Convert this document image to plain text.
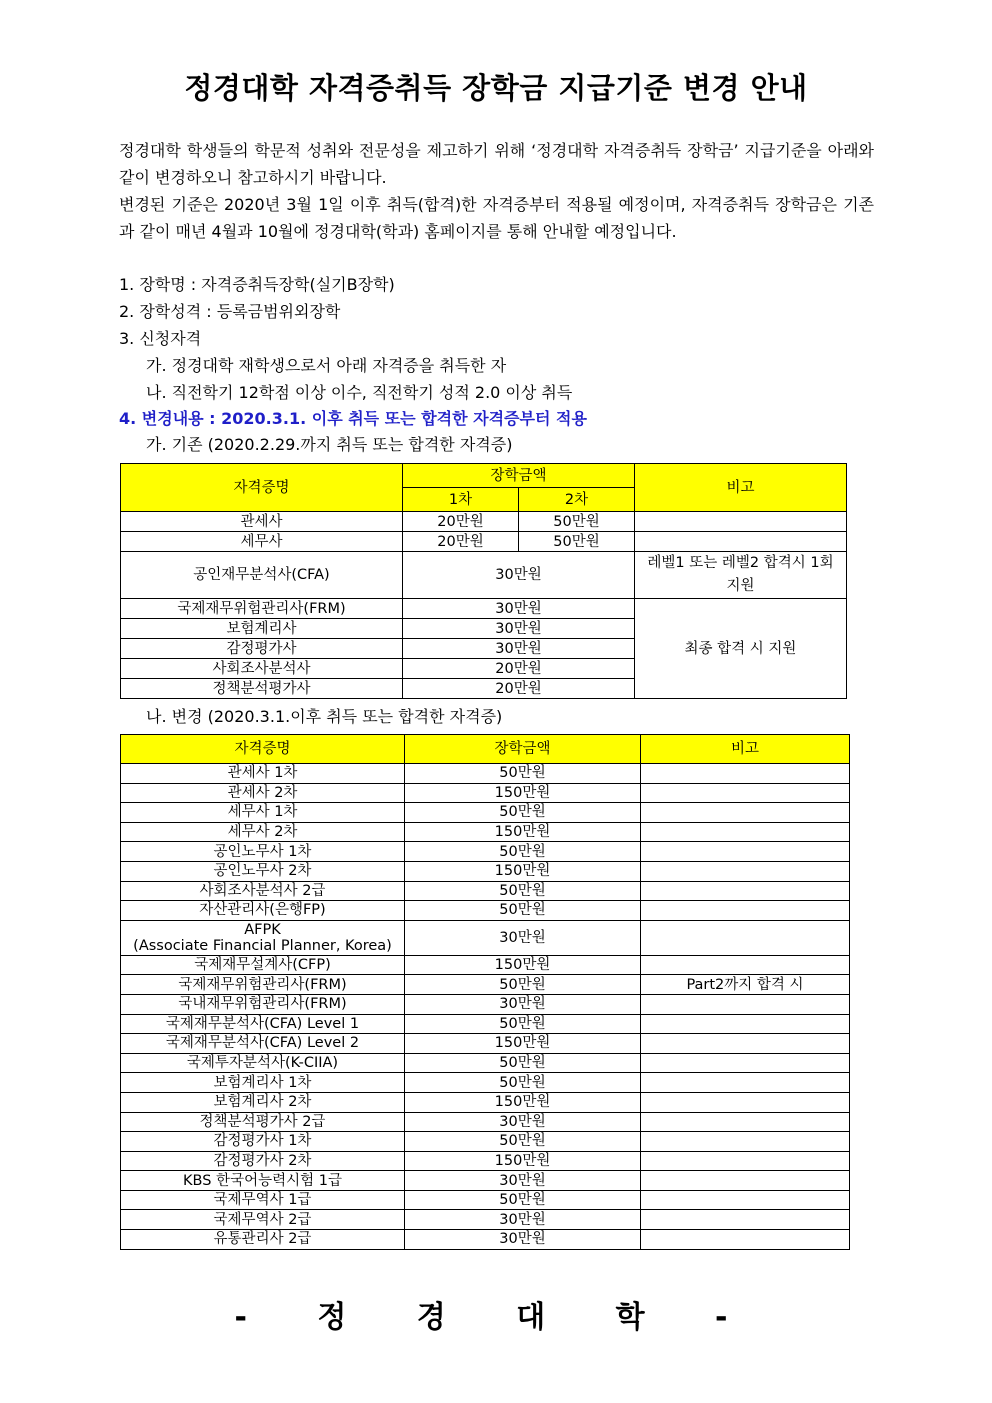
정경대학 자격증취득 장학금 지급기준 변경 안내

정경대학 학생들의 학문적 성취와 전문성을 제고하기 위해 ‘정경대학 자격증취득 장학금’ 지급기준을 아래와 같이 변경하오니 참고하시기 바랍니다.

변경된 기준은 2020년 3월 1일 이후 취득(합격)한 자격증부터 적용될 예정이며, 자격증취득 장학금은 기존과 같이 매년 4월과 10월에 정경대학(학과) 홈페이지를 통해 안내할 예정입니다.

1. 장학명 : 자격증취득장학(실기B장학)
2. 장학성격 : 등록금범위외장학
3. 신청자격
가. 정경대학 재학생으로서 아래 자격증을 취득한 자
나. 직전학기 12학점 이상 이수, 직전학기 성적 2.0 이상 취득
4. 변경내용 : 2020.3.1. 이후 취득 또는 합격한 자격증부터 적용
가. 기존 (2020.2.29.까지 취득 또는 합격한 자격증)
자격증명	장학금액		비고
	1차	2차	
관세사	20만원	50만원	
세무사	20만원	50만원	
공인재무분석사(CFA)	30만원		레벨1 또는 레벨2 합격시 1회 지원
국제재무위험관리사(FRM)	30만원		최종 합격 시 지원
보험계리사	30만원		
감정평가사	30만원		
사회조사분석사	20만원		
정책분석평가사	20만원		
나. 변경 (2020.3.1.이후 취득 또는 합격한 자격증)
자격증명	장학금액	비고
관세사 1차	50만원	
관세사 2차	150만원	
세무사 1차	50만원	
세무사 2차	150만원	
공인노무사 1차	50만원	
공인노무사 2차	150만원	
사회조사분석사 2급	50만원	
자산관리사(은행FP)	50만원	

AFPK
(Associate Financial Planner, Korea)	30만원	
국제재무설계사(CFP)	150만원	
국제재무위험관리사(FRM)	50만원	Part2까지 합격 시
국내재무위험관리사(FRM)	30만원	
국제재무분석사(CFA) Level 1	50만원	
국제재무분석사(CFA) Level 2	150만원	
국제투자분석사(K-CIIA)	50만원	
보험계리사 1차	50만원	
보험계리사 2차	150만원	
정책분석평가사 2급	30만원	
감정평가사 1차	50만원	
감정평가사 2차	150만원	
KBS 한국어능력시험 1급	30만원	
국제무역사 1급	50만원	
국제무역사 2급	30만원	
유통관리사 2급	30만원	
- 정 경 대 학 -
